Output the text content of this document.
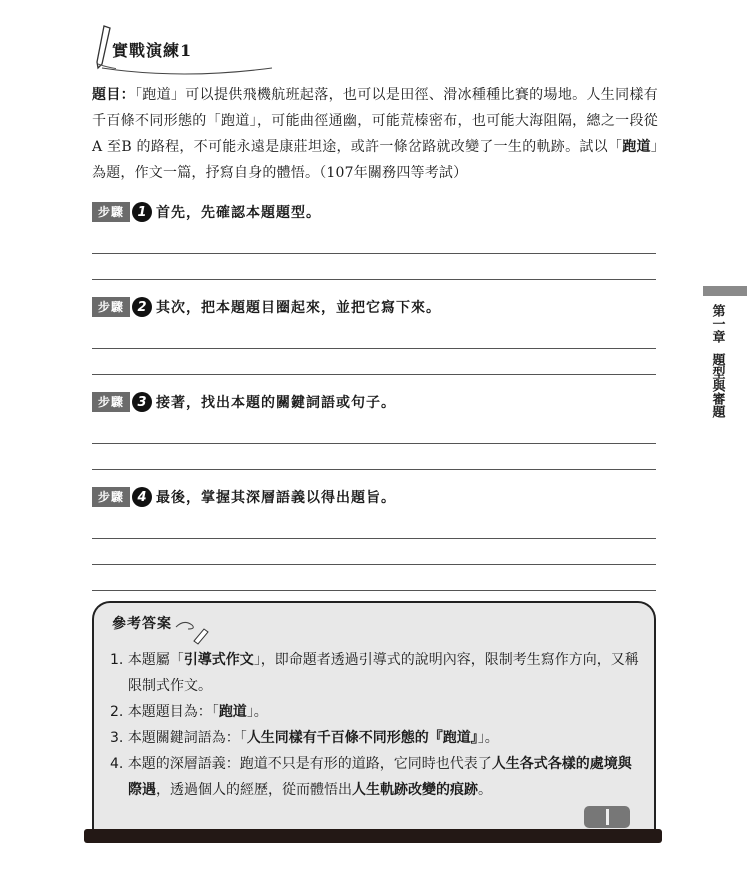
實戰演練1
題目：「跑道」可以提供飛機航班起落，也可以是田徑、滑冰種種比賽的場地。人生同樣有千百條不同形態的「跑道」，可能曲徑通幽，可能荒榛密布，也可能大海阻隔，總之一段從A 至B 的路程，不可能永遠是康莊坦途，或許一條岔路就改變了一生的軌跡。試以「跑道」為題，作文一篇，抒寫自身的體悟。（107年關務四等考試）
步驟	1 首先，先確認本題題型。
步驟	2 其次，把本題題目圈起來，並把它寫下來。
步驟	3 接著，找出本題的關鍵詞語或句子。
步驟	4 最後，掌握其深層語義以得出題旨。
第一章
題型與審題
參考答案
1. 本題屬「引導式作文」，即命題者透過引導式的說明內容，限制考生寫作方向，又稱限制式作文。
2. 本題題目為：「跑道」。
3. 本題關鍵詞語為：「人生同樣有千百條不同形態的『跑道』」。
4. 本題的深層語義：跑道不只是有形的道路，它同時也代表了人生各式各樣的處境與際遇，透過個人的經歷，從而體悟出人生軌跡改變的痕跡。
